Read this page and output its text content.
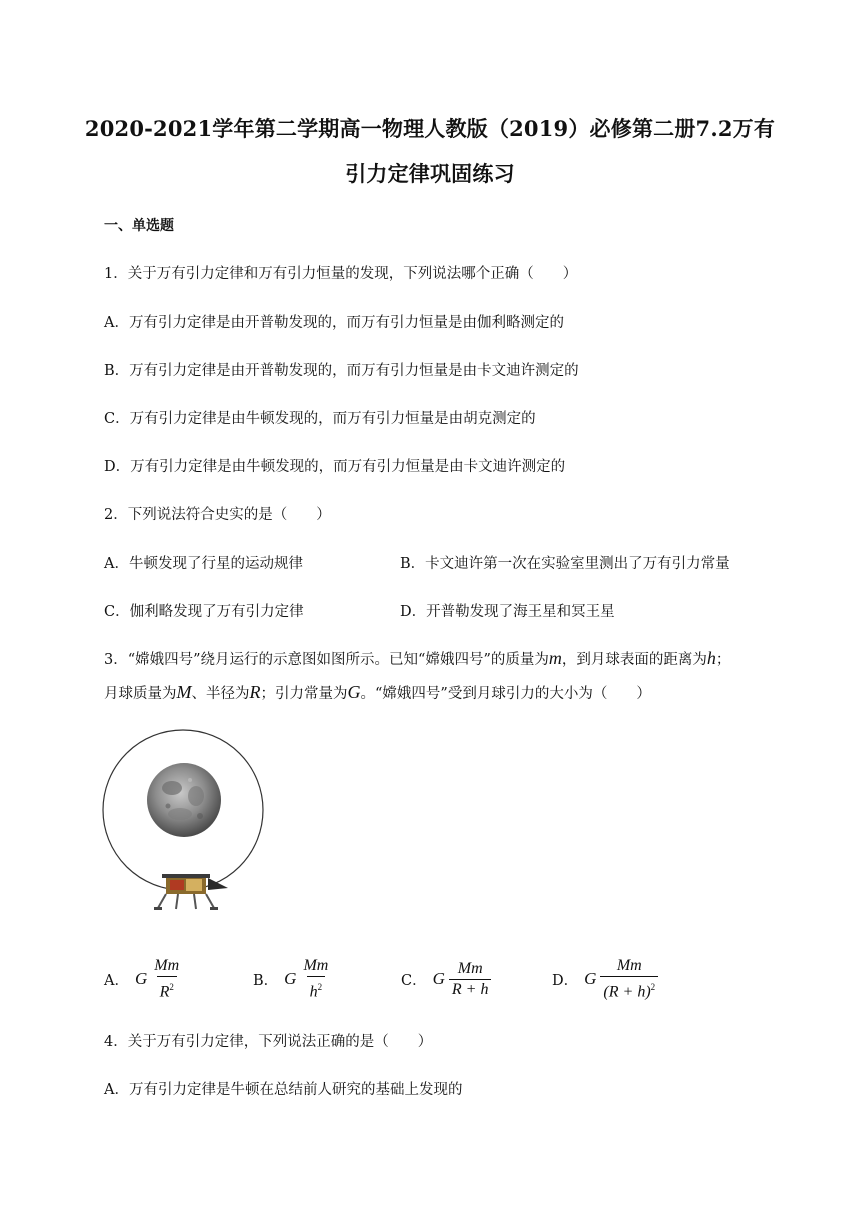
2020-2021学年第二学期高一物理人教版（2019）必修第二册7.2万有
引力定律巩固练习
一、单选题
1．关于万有引力定律和万有引力恒量的发现，下列说法哪个正确（　　）
A．万有引力定律是由开普勒发现的，而万有引力恒量是由伽利略测定的
B．万有引力定律是由开普勒发现的，而万有引力恒量是由卡文迪许测定的
C．万有引力定律是由牛顿发现的，而万有引力恒量是由胡克测定的
D．万有引力定律是由牛顿发现的，而万有引力恒量是由卡文迪许测定的
2．下列说法符合史实的是（　　）
A．牛顿发现了行星的运动规律	B．卡文迪许第一次在实验室里测出了万有引力常量
C．伽利略发现了万有引力定律	D．开普勒发现了海王星和冥王星
3．“嫦娥四号”绕月运行的示意图如图所示。已知“嫦娥四号”的质量为m，到月球表面的距离为h；
月球质量为M、半径为R；引力常量为G。“嫦娥四号”受到月球引力的大小为（　　）
A． G $\frac{Mm}{R^2}$	B． G $\frac{Mm}{h^2}$	C． G $\frac{Mm}{R + h}$	D． G $\frac{Mm}{(R + h)^2}$
4．关于万有引力定律，下列说法正确的是（　　）
A．万有引力定律是牛顿在总结前人研究的基础上发现的
